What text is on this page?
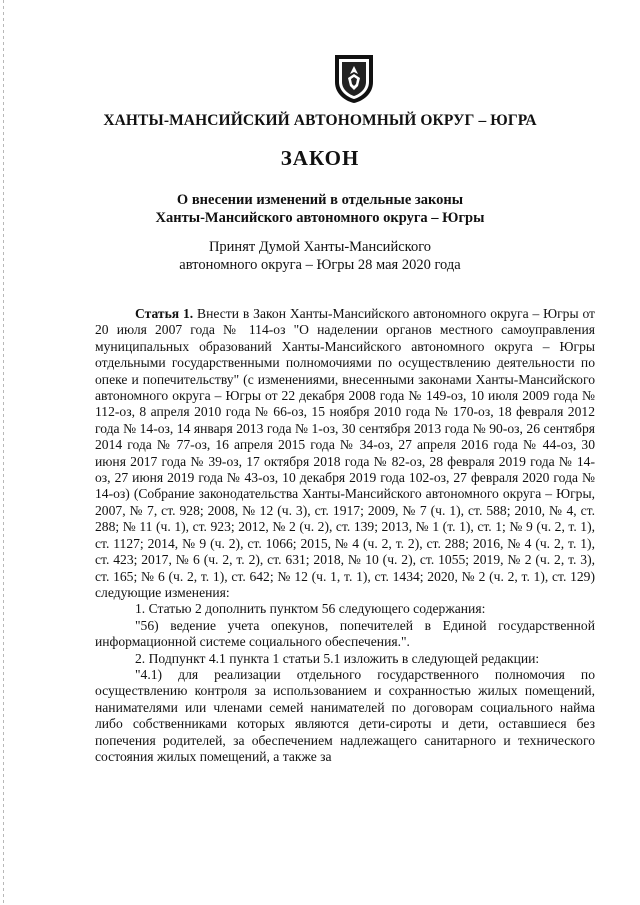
ХАНТЫ-МАНСИЙСКИЙ АВТОНОМНЫЙ ОКРУГ – ЮГРА
ЗАКОН
О внесении изменений в отдельные законы
Ханты-Мансийского автономного округа – Югры
Принят Думой Ханты-Мансийского
автономного округа – Югры 28 мая 2020 года

Статья 1. Внести в Закон Ханты-Мансийского автономного округа – Югры от 20 июля 2007 года № 114-оз "О наделении органов местного самоуправления муниципальных образований Ханты-Мансийского автономного округа – Югры отдельными государственными полномочиями по осуществлению деятельности по опеке и попечительству" (с изменениями, внесенными законами Ханты-Мансийского автономного округа – Югры от 22 декабря 2008 года № 149-оз, 10 июля 2009 года № 112-оз, 8 апреля 2010 года № 66-оз, 15 ноября 2010 года № 170-оз, 18 февраля 2012 года № 14-оз, 14 января 2013 года № 1-оз, 30 сентября 2013 года № 90-оз, 26 сентября 2014 года № 77-оз, 16 апреля 2015 года № 34-оз, 27 апреля 2016 года № 44-оз, 30 июня 2017 года № 39-оз, 17 октября 2018 года № 82-оз, 28 февраля 2019 года № 14-оз, 27 июня 2019 года № 43-оз, 10 декабря 2019 года 102-оз, 27 февраля 2020 года № 14-оз) (Собрание законодательства Ханты-Мансийского автономного округа – Югры, 2007, № 7, ст. 928; 2008, № 12 (ч. 3), ст. 1917; 2009, № 7 (ч. 1), ст. 588; 2010, № 4, ст. 288; № 11 (ч. 1), ст. 923; 2012, № 2 (ч. 2), ст. 139; 2013, № 1 (т. 1), ст. 1; № 9 (ч. 2, т. 1), ст. 1127; 2014, № 9 (ч. 2), ст. 1066; 2015, № 4 (ч. 2, т. 2), ст. 288; 2016, № 4 (ч. 2, т. 1), ст. 423; 2017, № 6 (ч. 2, т. 2), ст. 631; 2018, № 10 (ч. 2), ст. 1055; 2019, № 2 (ч. 2, т. 3), ст. 165; № 6 (ч. 2, т. 1), ст. 642; № 12 (ч. 1, т. 1), ст. 1434; 2020, № 2 (ч. 2, т. 1), ст. 129) следующие изменения:

1. Статью 2 дополнить пунктом 56 следующего содержания:

"56) ведение учета опекунов, попечителей в Единой государственной информационной системе социального обеспечения.".

2. Подпункт 4.1 пункта 1 статьи 5.1 изложить в следующей редакции:

"4.1) для реализации отдельного государственного полномочия по осуществлению контроля за использованием и сохранностью жилых помещений, нанимателями или членами семей нанимателей по договорам социального найма либо собственниками которых являются дети-сироты и дети, оставшиеся без попечения родителей, за обеспечением надлежащего санитарного и технического состояния жилых помещений, а также за
